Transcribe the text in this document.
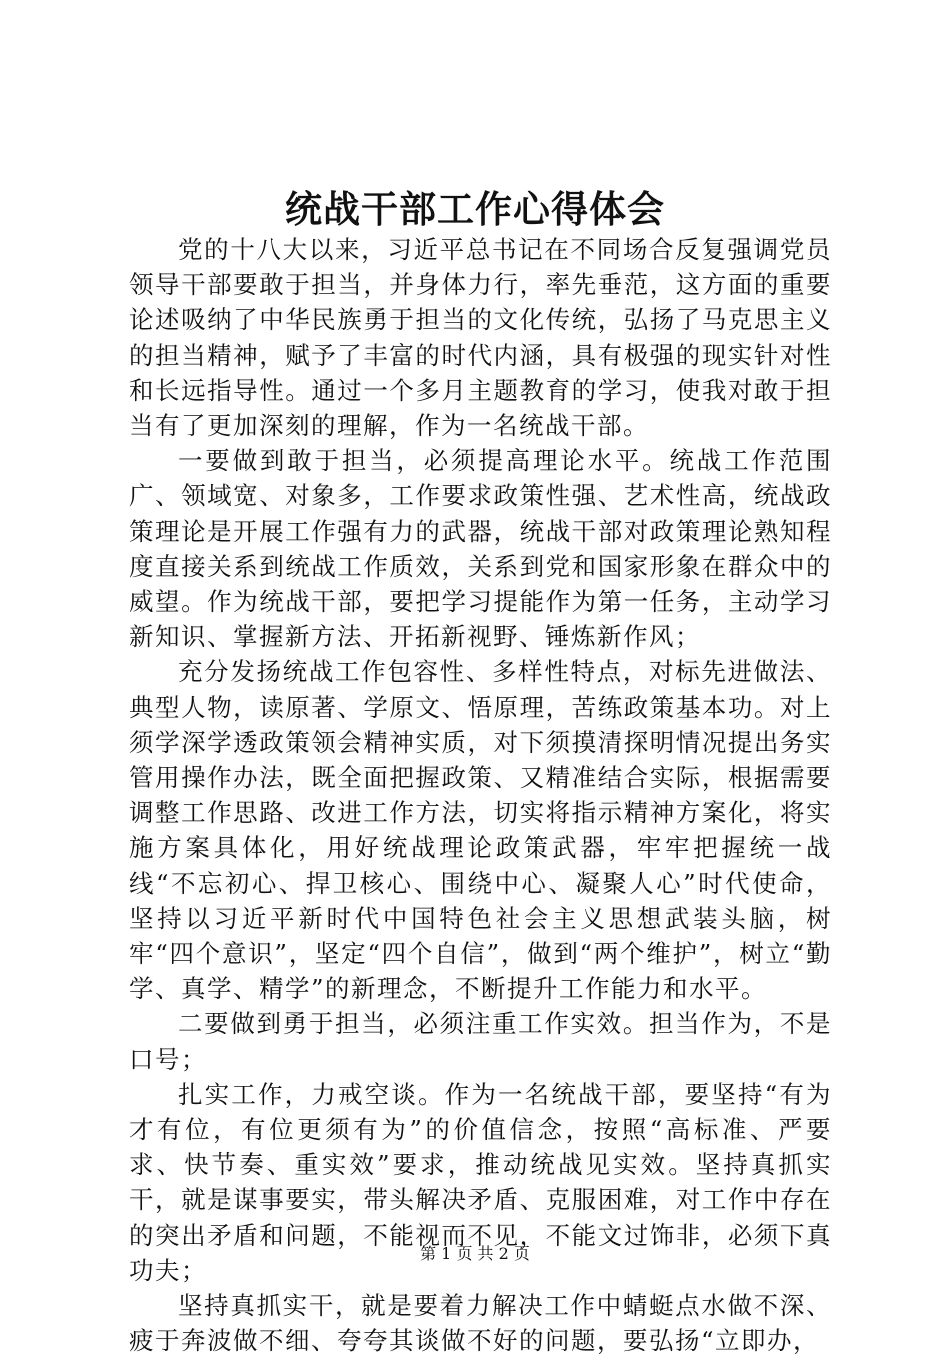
统战干部工作心得体会

党的十八大以来，习近平总书记在不同场合反复强调党员领导干部要敢于担当，并身体力行，率先垂范，这方面的重要论述吸纳了中华民族勇于担当的文化传统，弘扬了马克思主义的担当精神，赋予了丰富的时代内涵，具有极强的现实针对性和长远指导性。通过一个多月主题教育的学习，使我对敢于担当有了更加深刻的理解，作为一名统战干部。

一要做到敢于担当，必须提高理论水平。统战工作范围广、领域宽、对象多，工作要求政策性强、艺术性高，统战政策理论是开展工作强有力的武器，统战干部对政策理论熟知程度直接关系到统战工作质效，关系到党和国家形象在群众中的威望。作为统战干部，要把学习提能作为第一任务，主动学习新知识、掌握新方法、开拓新视野、锤炼新作风；

充分发扬统战工作包容性、多样性特点，对标先进做法、典型人物，读原著、学原文、悟原理，苦练政策基本功。对上须学深学透政策领会精神实质，对下须摸清探明情况提出务实管用操作办法，既全面把握政策、又精准结合实际，根据需要调整工作思路、改进工作方法，切实将指示精神方案化，将实施方案具体化，用好统战理论政策武器，牢牢把握统一战线“不忘初心、捍卫核心、围绕中心、凝聚人心”时代使命，坚持以习近平新时代中国特色社会主义思想武装头脑，树牢“四个意识”，坚定“四个自信”，做到“两个维护”，树立“勤学、真学、精学”的新理念，不断提升工作能力和水平。

二要做到勇于担当，必须注重工作实效。担当作为，不是口号；

扎实工作，力戒空谈。作为一名统战干部，要坚持“有为才有位，有位更须有为”的价值信念，按照“高标准、严要求、快节奏、重实效”要求，推动统战见实效。坚持真抓实干，就是谋事要实，带头解决矛盾、克服困难，对工作中存在的突出矛盾和问题，不能视而不见，不能文过饰非，必须下真功夫；

坚持真抓实干，就是要着力解决工作中蜻蜓点水做不深、疲于奔波做不细、夸夸其谈做不好的问题，要弘扬“立即办，

第 1 页 共 2 页
